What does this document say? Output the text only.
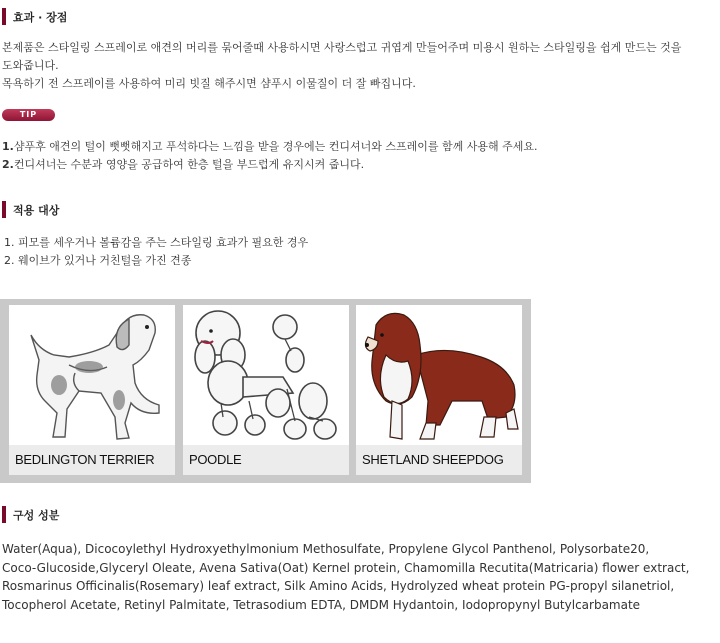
효과 · 장점
본제품은 스타일링 스프레이로 애견의 머리를 묶어줄때 사용하시면 사랑스럽고 귀엽게 만들어주며 미용시 원하는 스타일링을 쉽게 만드는 것을
도와줍니다.
목욕하기 전 스프레이를 사용하여 미리 빗질 해주시면 샴푸시 이물질이 더 잘 빠집니다.
TIP
1.샴푸후 애견의 털이 뻣뻣해지고 푸석하다는 느낌을 받을 경우에는 컨디셔너와 스프레이를 함께 사용해 주세요.
2.컨디셔너는 수분과 영양을 공급하여 한층 털을 부드럽게 유지시켜 줍니다.
적용 대상
1. 피모를 세우거나 볼륨감을 주는 스타일링 효과가 필요한 경우
2. 웨이브가 있거나 거친털을 가진 견종
BEDLINGTON TERRIER	POODLE	SHETLAND SHEEPDOG
구성 성분
Water(Aqua), Dicocoylethyl Hydroxyethylmonium Methosulfate, Propylene Glycol Panthenol, Polysorbate20,
Coco-Glucoside,Glyceryl Oleate, Avena Sativa(Oat) Kernel protein, Chamomilla Recutita(Matricaria) flower extract,
Rosmarinus Officinalis(Rosemary) leaf extract, Silk Amino Acids, Hydrolyzed wheat protein PG-propyl silanetriol,
Tocopherol Acetate, Retinyl Palmitate, Tetrasodium EDTA, DMDM Hydantoin, Iodopropynyl Butylcarbamate
